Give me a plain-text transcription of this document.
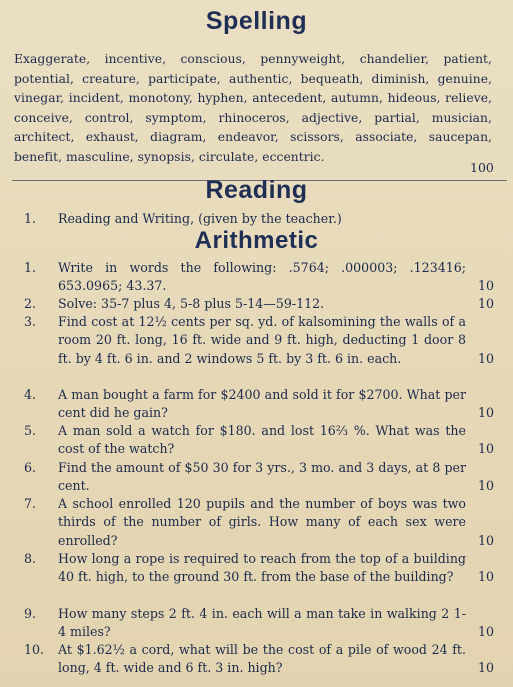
Spelling
Exaggerate, incentive, conscious, pennyweight, chandelier, patient, potential, creature, participate, authentic, bequeath, diminish, genuine, vinegar, incident, monotony, hyphen, antecedent, autumn, hideous, relieve, conceive, control, symptom, rhinoceros, adjective, partial, musician, architect, exhaust, diagram, endeavor, scissors, associate, saucepan, benefit, masculine, synopsis, circulate, eccentric.
100
Reading
1.	Reading and Writing, (given by the teacher.)
Arithmetic
1.	Write in words the following: .5764; .000003; .123416; 653.0965; 43.37.	10
2.	Solve: 35-7 plus 4, 5-8 plus 5-14—59-112.	10
3.	Find cost at 12½ cents per sq. yd. of kalsomining the walls of a room 20 ft. long, 16 ft. wide and 9 ft. high, deducting 1 door 8 ft. by 4 ft. 6 in. and 2 windows 5 ft. by 3 ft. 6 in. each.	10
4.	A man bought a farm for $2400 and sold it for $2700. What per cent did he gain?	10
5.	A man sold a watch for $180. and lost 16⅔ %. What was the cost of the watch?	10
6.	Find the amount of $50 30 for 3 yrs., 3 mo. and 3 days, at 8 per cent.	10
7.	A school enrolled 120 pupils and the number of boys was two thirds of the number of girls. How many of each sex were enrolled?	10
8.	How long a rope is required to reach from the top of a building 40 ft. high, to the ground 30 ft. from the base of the building?	10
9.	How many steps 2 ft. 4 in. each will a man take in walking 2 1-4 miles?	10
10.	At $1.62½ a cord, what will be the cost of a pile of wood 24 ft. long, 4 ft. wide and 6 ft. 3 in. high?	10
